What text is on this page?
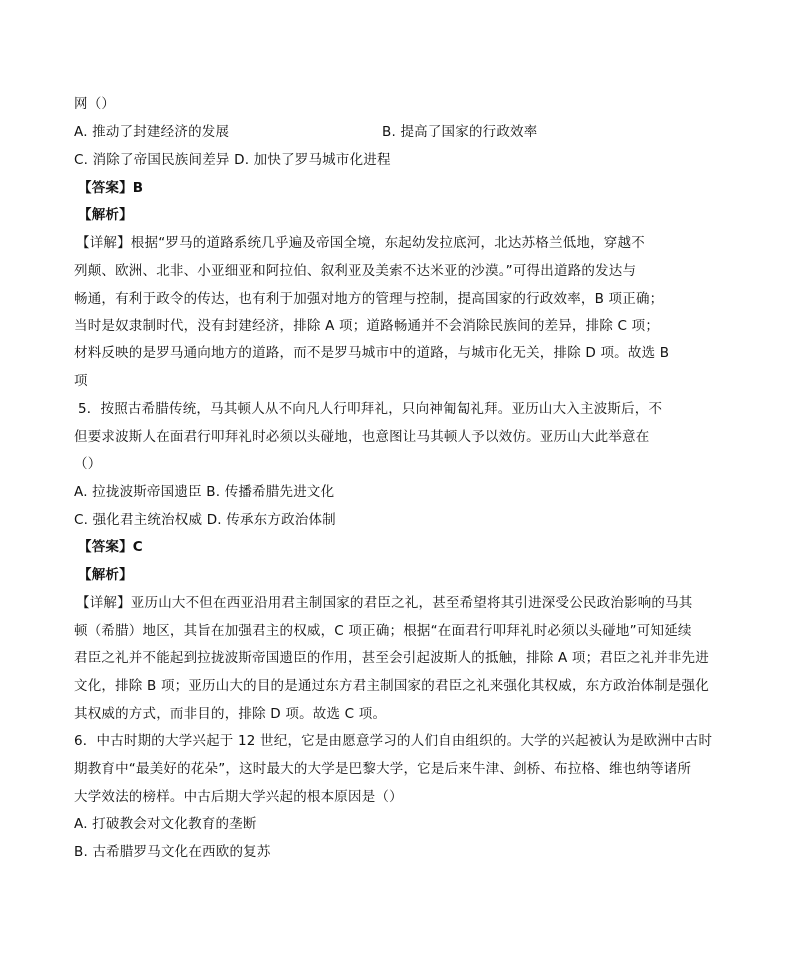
网（）
A. 推动了封建经济的发展	B. 提高了国家的行政效率
C. 消除了帝国民族间差异 D. 加快了罗马城市化进程
【答案】B
【解析】
【详解】根据“罗马的道路系统几乎遍及帝国全境，东起幼发拉底河，北达苏格兰低地，穿越不
列颠、欧洲、北非、小亚细亚和阿拉伯、叙利亚及美索不达米亚的沙漠。”可得出道路的发达与
畅通，有利于政令的传达，也有利于加强对地方的管理与控制，提高国家的行政效率，B 项正确；
当时是奴隶制时代，没有封建经济，排除 A 项；道路畅通并不会消除民族间的差异，排除 C 项；
材料反映的是罗马通向地方的道路，而不是罗马城市中的道路，与城市化无关，排除 D 项。故选 B
项
5．按照古希腊传统，马其顿人从不向凡人行叩拜礼，只向神匍匐礼拜。亚历山大入主波斯后，不
但要求波斯人在面君行叩拜礼时必须以头碰地，也意图让马其顿人予以效仿。亚历山大此举意在
（）
A. 拉拢波斯帝国遗臣 B. 传播希腊先进文化
C. 强化君主统治权威 D. 传承东方政治体制
【答案】C
【解析】
【详解】亚历山大不但在西亚沿用君主制国家的君臣之礼，甚至希望将其引进深受公民政治影响的马其
顿（希腊）地区，其旨在加强君主的权威，C 项正确；根据“在面君行叩拜礼时必须以头碰地”可知延续
君臣之礼并不能起到拉拢波斯帝国遗臣的作用，甚至会引起波斯人的抵触，排除 A 项；君臣之礼并非先进
文化，排除 B 项；亚历山大的目的是通过东方君主制国家的君臣之礼来强化其权威，东方政治体制是强化
其权威的方式，而非目的，排除 D 项。故选 C 项。
6．中古时期的大学兴起于 12 世纪，它是由愿意学习的人们自由组织的。大学的兴起被认为是欧洲中古时
期教育中“最美好的花朵”，这时最大的大学是巴黎大学，它是后来牛津、剑桥、布拉格、维也纳等诸所
大学效法的榜样。中古后期大学兴起的根本原因是（）
A. 打破教会对文化教育的垄断
B. 古希腊罗马文化在西欧的复苏
